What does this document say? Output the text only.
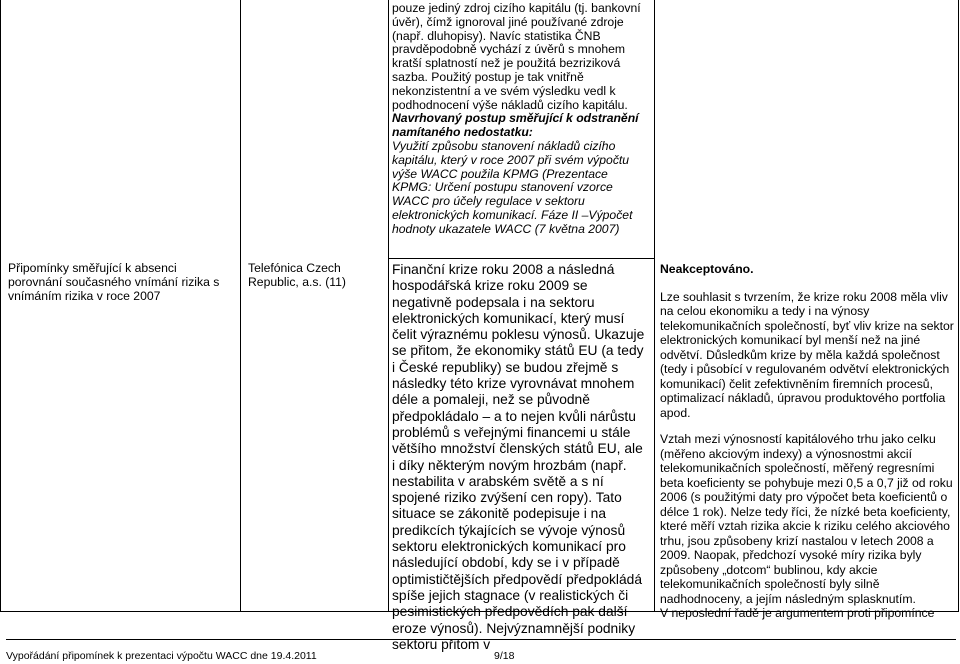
Připomínky směřující k absenci porovnání současného vnímání rizika s vnímáním rizika v roce 2007
Telefónica Czech Republic, a.s. (11)

pouze jediný zdroj cizího kapitálu (tj. bankovní úvěr), čímž ignoroval jiné používané zdroje (např. dluhopisy). Navíc statistika ČNB pravděpodobně vychází z úvěrů s mnohem kratší splatností než je použitá bezriziková sazba. Použitý postup je tak vnitřně nekonzistentní a ve svém výsledku vedl k podhodnocení výše nákladů cizího kapitálu.

Navrhovaný postup směřující k odstranění namítaného nedostatku:

Využití způsobu stanovení nákladů cizího kapitálu, který v roce 2007 při svém výpočtu výše WACC použila KPMG (Prezentace KPMG: Určení postupu stanovení vzorce WACC pro účely regulace v sektoru elektronických komunikací. Fáze II –Výpočet hodnoty ukazatele WACC (7 května 2007)

Finanční krize roku 2008 a následná hospodářská krize roku 2009 se negativně podepsala i na sektoru elektronických komunikací, který musí čelit výraznému poklesu výnosů. Ukazuje se přitom, že ekonomiky států EU (a tedy i České republiky) se budou zřejmě s následky této krize vyrovnávat mnohem déle a pomaleji, než se původně předpokládalo – a to nejen kvůli nárůstu problémů s veřejnými financemi u stále většího množství členských států EU, ale i díky některým novým hrozbám (např. nestabilita v arabském světě a s ní spojené riziko zvýšení cen ropy). Tato situace se zákonitě podepisuje i na predikcích týkajících se vývoje výnosů sektoru elektronických komunikací pro následující období, kdy se i v případě optimističtějších předpovědí předpokládá spíše jejich stagnace (v realistických či pesimistických předpovědích pak další eroze výnosů). Nejvýznamnější podniky sektoru přitom v

Neakceptováno.

Lze souhlasit s tvrzením, že krize roku 2008 měla vliv na celou ekonomiku a tedy i na výnosy telekomunikačních společností, byť vliv krize na sektor elektronických komunikací byl menší než na jiné odvětví. Důsledkům krize by měla každá společnost (tedy i působící v regulovaném odvětví elektronických komunikací) čelit zefektivněním firemních procesů, optimalizací nákladů, úpravou produktového portfolia apod.

Vztah mezi výnosností kapitálového trhu jako celku (měřeno akciovým indexy) a výnosnostmi akcií telekomunikačních společností, měřený regresními beta koeficienty se pohybuje mezi 0,5 a 0,7 již od roku 2006 (s použitými daty pro výpočet beta koeficientů o délce 1 rok). Nelze tedy říci, že nízké beta koeficienty, které měří vztah rizika akcie k riziku celého akciového trhu, jsou způsobeny krizí nastalou v letech 2008 a 2009. Naopak, předchozí vysoké míry rizika byly způsobeny „dotcom“ bublinou, kdy akcie telekomunikačních společností byly silně nadhodnoceny, a jejím následným splasknutím.

V neposlední řadě je argumentem proti připomínce

Vypořádání připomínek k prezentaci výpočtu WACC dne 19.4.2011	9/18
